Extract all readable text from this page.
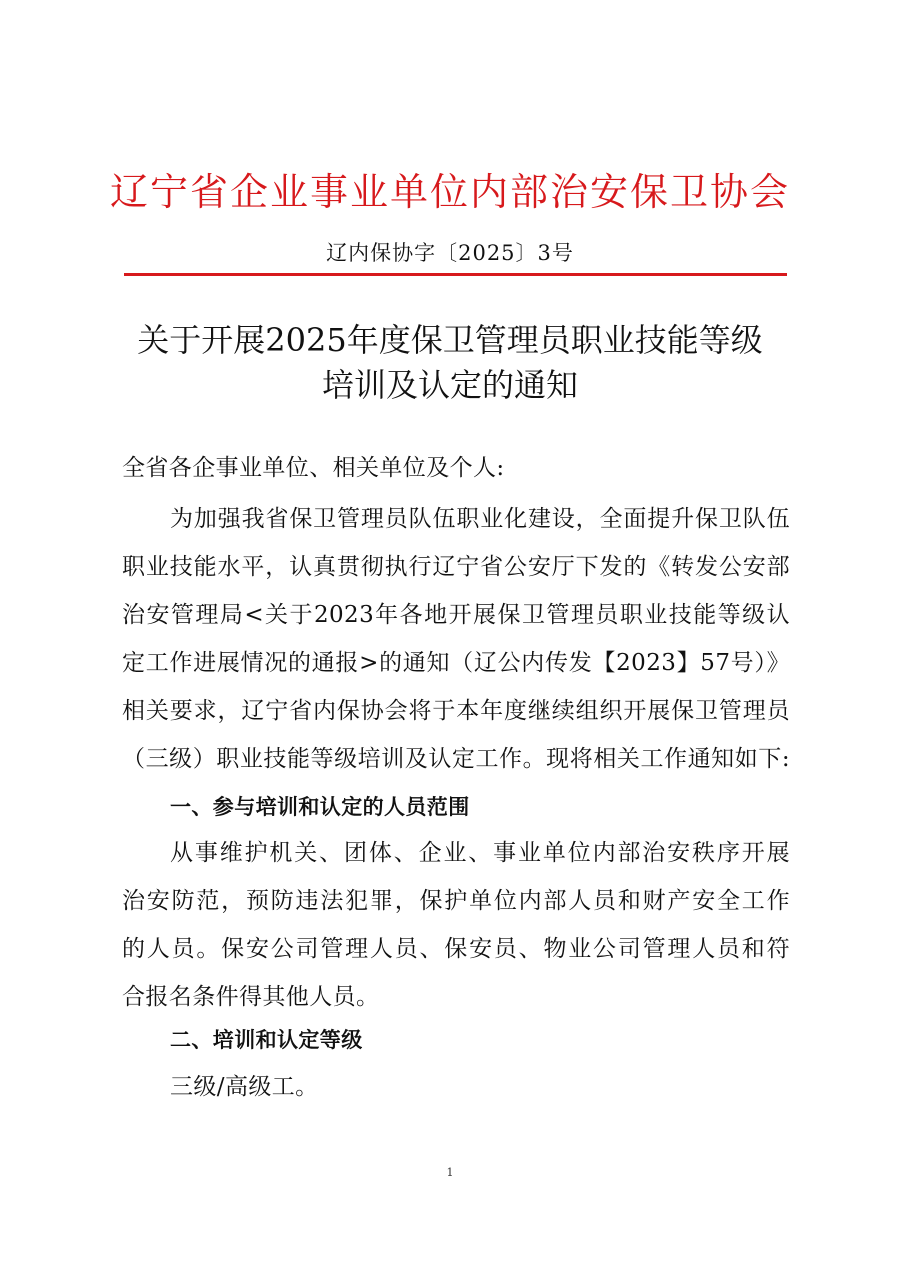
辽宁省企业事业单位内部治安保卫协会
辽内保协字〔2025〕3号
关于开展2025年度保卫管理员职业技能等级
培训及认定的通知
全省各企事业单位、相关单位及个人:
为加强我省保卫管理员队伍职业化建设，全面提升保卫队伍
职业技能水平，认真贯彻执行辽宁省公安厅下发的《转发公安部
治安管理局<关于2023年各地开展保卫管理员职业技能等级认
定工作进展情况的通报>的通知（辽公内传发【2023】57号）》
相关要求，辽宁省内保协会将于本年度继续组织开展保卫管理员
（三级）职业技能等级培训及认定工作。现将相关工作通知如下:
一、参与培训和认定的人员范围
从事维护机关、团体、企业、事业单位内部治安秩序开展
治安防范，预防违法犯罪，保护单位内部人员和财产安全工作
的人员。保安公司管理人员、保安员、物业公司管理人员和符
合报名条件得其他人员。
二、培训和认定等级
三级/高级工。
1
